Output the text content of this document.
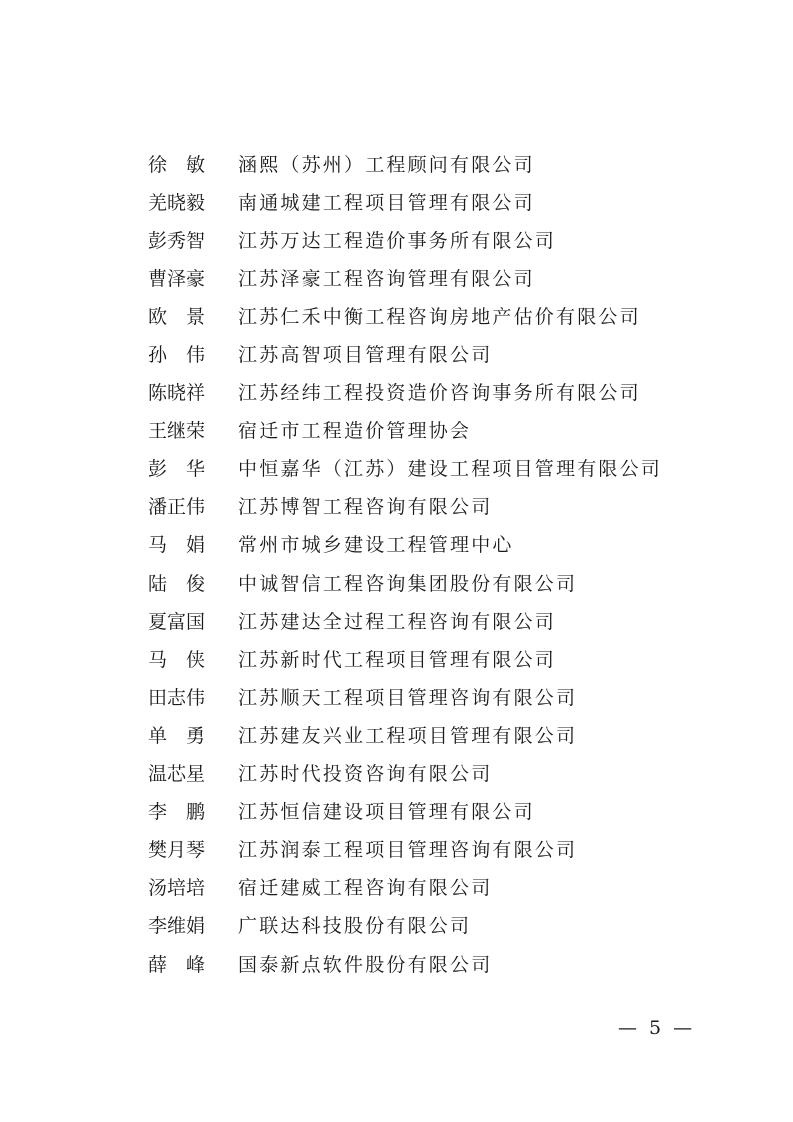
徐　敏	涵熙（苏州）工程顾问有限公司
羌晓毅	南通城建工程项目管理有限公司
彭秀智	江苏万达工程造价事务所有限公司
曹泽豪	江苏泽豪工程咨询管理有限公司
欧　景	江苏仁禾中衡工程咨询房地产估价有限公司
孙　伟	江苏高智项目管理有限公司
陈晓祥	江苏经纬工程投资造价咨询事务所有限公司
王继荣	宿迁市工程造价管理协会
彭　华	中恒嘉华（江苏）建设工程项目管理有限公司
潘正伟	江苏博智工程咨询有限公司
马　娟	常州市城乡建设工程管理中心
陆　俊	中诚智信工程咨询集团股份有限公司
夏富国	江苏建达全过程工程咨询有限公司
马　侠	江苏新时代工程项目管理有限公司
田志伟	江苏顺天工程项目管理咨询有限公司
单　勇	江苏建友兴业工程项目管理有限公司
温芯星	江苏时代投资咨询有限公司
李　鹏	江苏恒信建设项目管理有限公司
樊月琴	江苏润泰工程项目管理咨询有限公司
汤培培	宿迁建威工程咨询有限公司
李维娟	广联达科技股份有限公司
薛　峰	国泰新点软件股份有限公司
— 5 —
